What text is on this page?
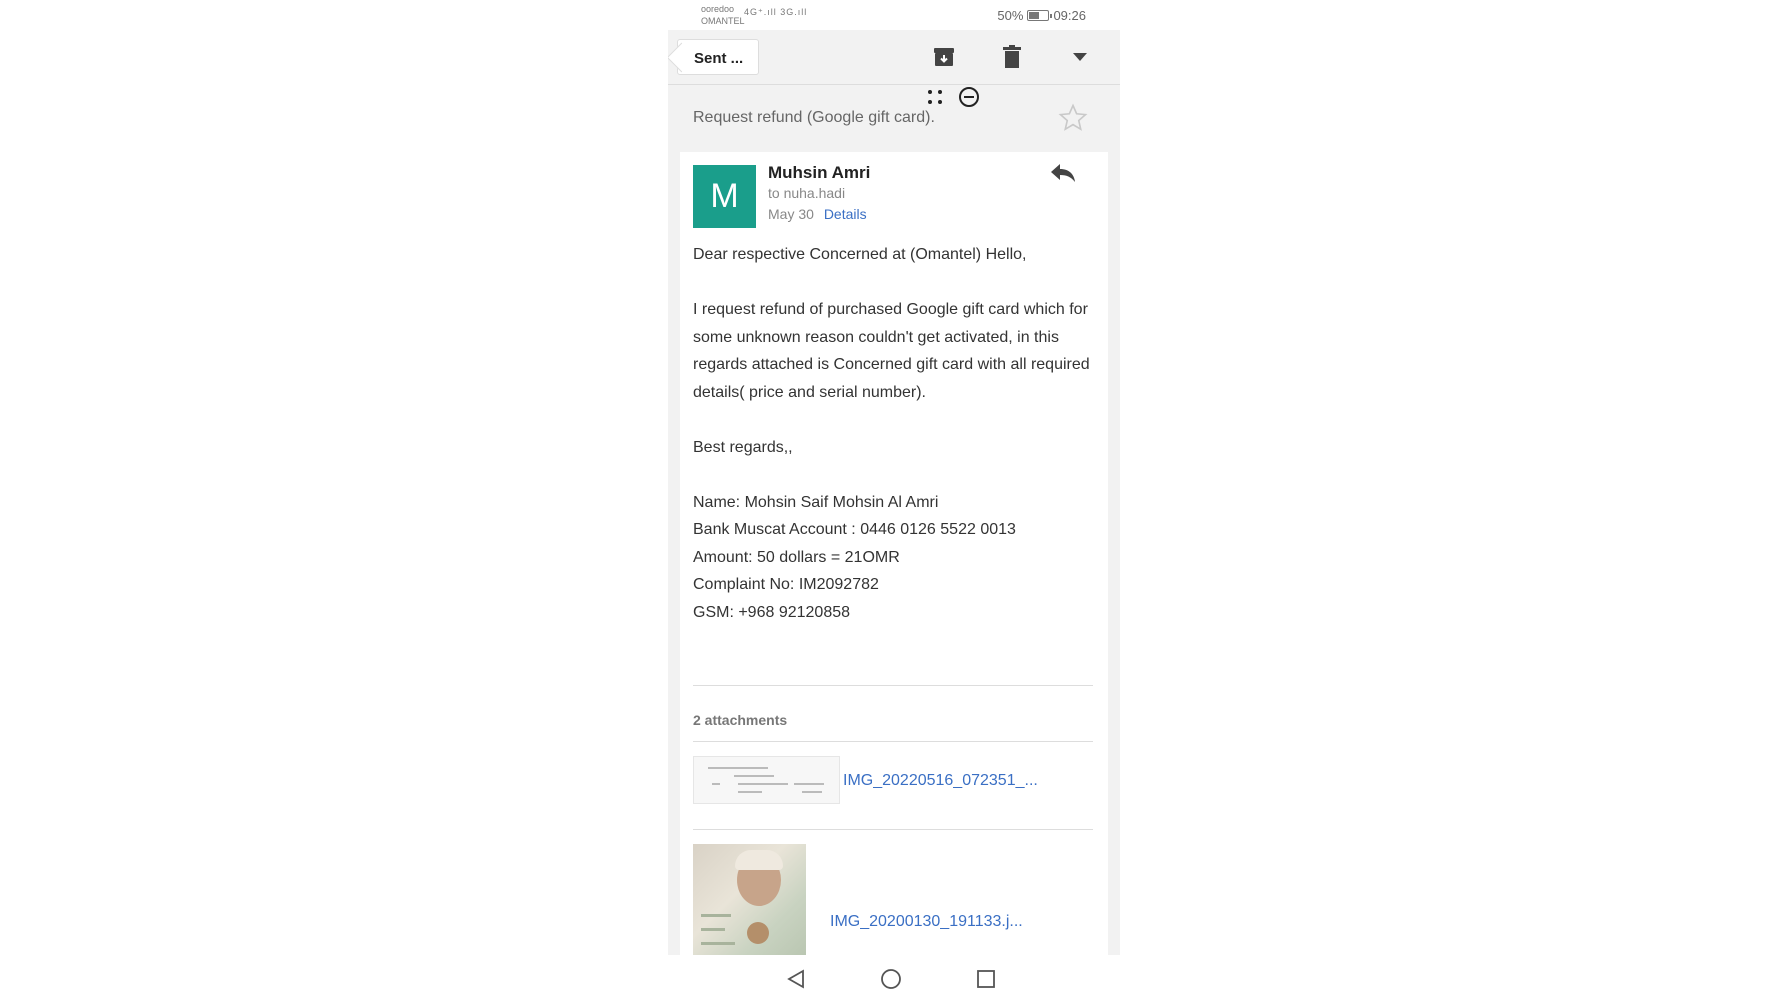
ooredoo
OMANTEL
4G⁺.ıll 3G.ıll	50% 09:26
Sent ...
Request refund (Google gift card).
M
Muhsin Amri
to nuha.hadi
May 30 Details

Dear respective Concerned at (Omantel) Hello,

I request refund of purchased Google gift card which for some unknown reason couldn't get activated, in this regards attached is Concerned gift card with all required details( price and serial number).

Best regards,,

Name: Mohsin Saif Mohsin Al Amri
Bank Muscat Account : 0446 0126 5522 0013
Amount: 50 dollars = 21OMR
Complaint No: IM2092782
GSM: +968 92120858
2 attachments
IMG_20220516_072351_...
IMG_20200130_191133.j...
